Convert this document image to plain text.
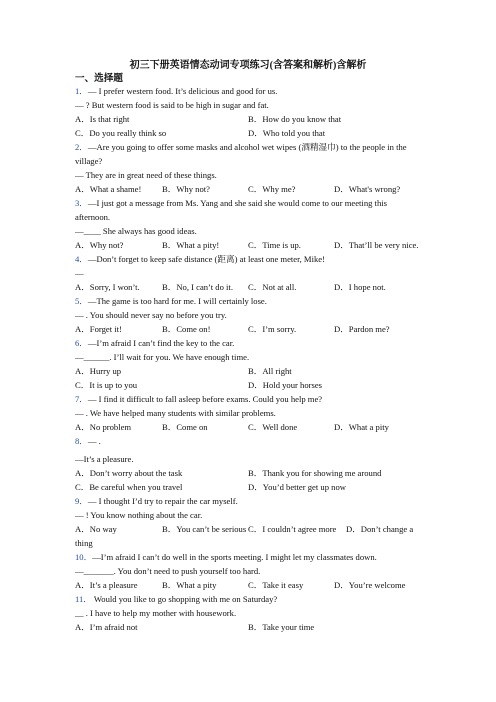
初三下册英语情态动词专项练习(含答案和解析)含解析
一、选择题
1．— I prefer western food. It’s delicious and good for us.
— ? But western food is said to be high in sugar and fat.
A．Is that right	B．How do you know that
C．Do you really think so	D．Who told you that
2．—Are you going to offer some masks and alcohol wet wipes (酒精湿巾) to the people in the
village?
— They are in great need of these things.
A．What a shame! B．Why not?	C．Why me?	D．What's wrong?
3．—I just got a message from Ms. Yang and she said she would come to our meeting this
afternoon.
—____ She always has good ideas.
A．Why not?	B．What a pity!	C．Time is up.	D．That’ll be very nice.
4．—Don’t forget to keep safe distance (距离) at least one meter, Mike!
—
A．Sorry, I won’t.	B．No, I can’t do it. C．Not at all.	D．I hope not.
5．—The game is too hard for me. I will certainly lose.
— . You should never say no before you try.
A．Forget it!	B．Come on!	C．I’m sorry.	D．Pardon me?
6．—I’m afraid I can’t find the key to the car.
—______. I’ll wait for you. We have enough time.
A．Hurry up	B．All right
C．It is up to you	D．Hold your horses
7．— I find it difficult to fall asleep before exams. Could you help me?
— . We have helped many students with similar problems.
A．No problem	B．Come on	C．Well done	D．What a pity
8．— .
—It’s a pleasure.
A．Don’t worry about the task	B．Thank you for showing me around
C．Be careful when you travel	D．You’d better get up now
9．— I thought I’d try to repair the car myself.
— ! You know nothing about the car.
A．No way	B．You can’t be serious C．I couldn’t agree more D．Don’t change a
thing
10．—I’m afraid I can’t do well in the sports meeting. I might let my classmates down.
—_______. You don’t need to push yourself too hard.
A．It’s a pleasure	B．What a pity	C．Take it easy	D．You’re welcome
11． Would you like to go shopping with me on Saturday?
__ . I have to help my mother with housework.
A．I’m afraid not	B．Take your time
